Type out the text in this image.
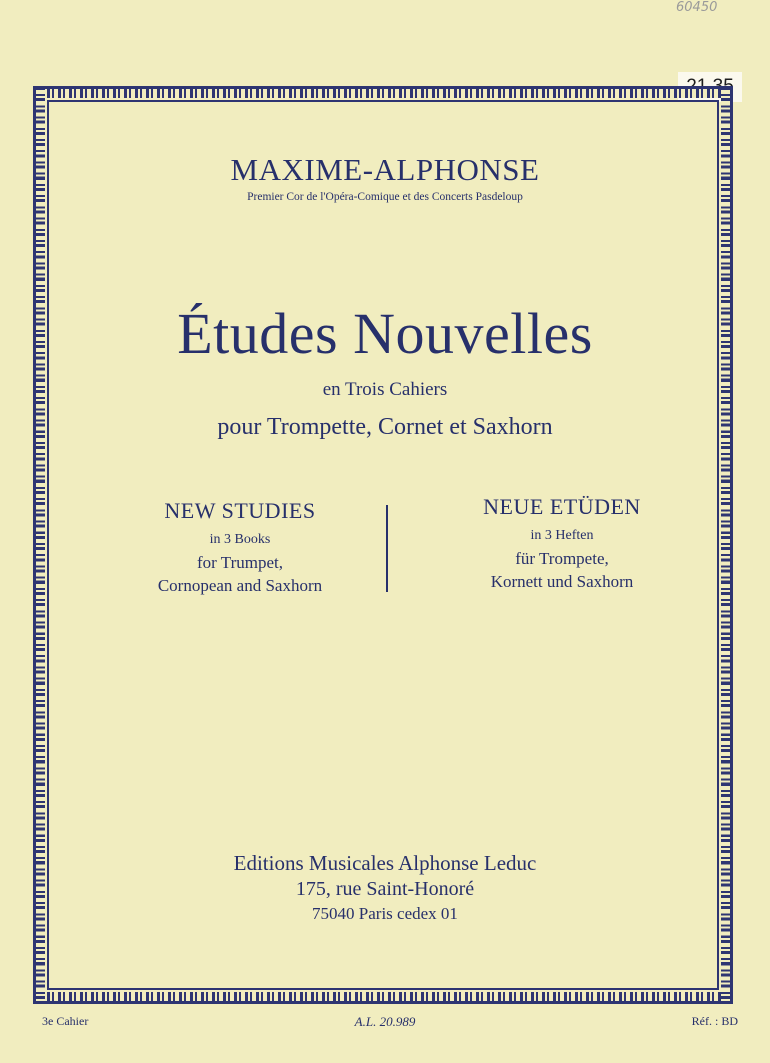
60450
21.35
MAXIME-ALPHONSE
Premier Cor de l'Opéra-Comique et des Concerts Pasdeloup
Études Nouvelles
en Trois Cahiers
pour Trompette, Cornet et Saxhorn
NEW STUDIES
in 3 Books
for Trumpet,
Cornopean and Saxhorn
NEUE ETÜDEN
in 3 Heften
für Trompete,
Kornett und Saxhorn
Editions Musicales Alphonse Leduc
175, rue Saint-Honoré
75040 Paris cedex 01
3e Cahier	A.L. 20.989	Réf. : BD
